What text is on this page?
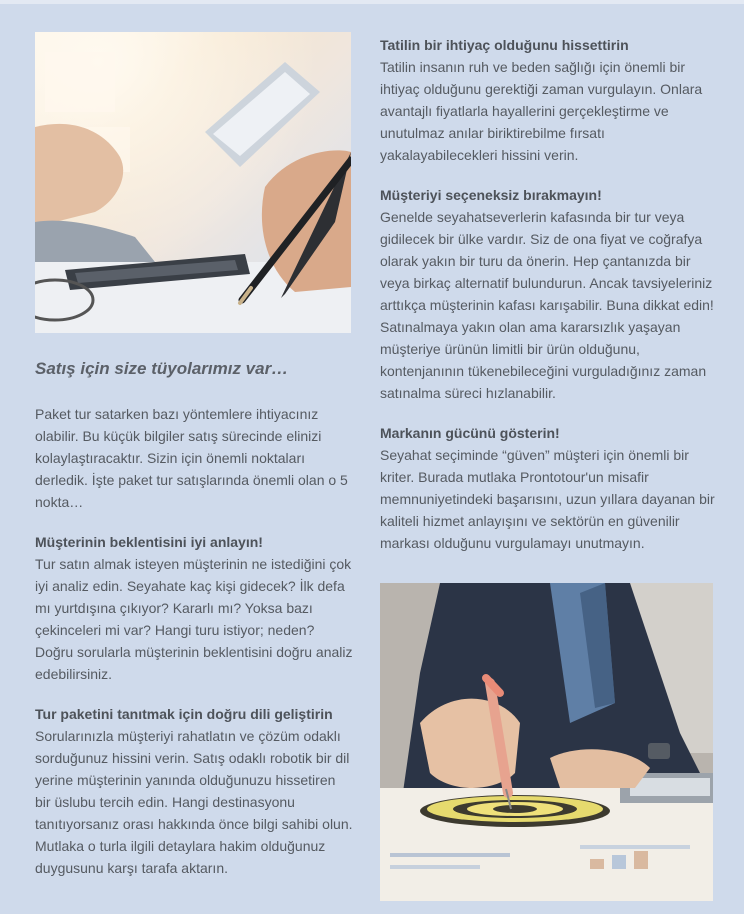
Satış için size tüyolarımız var…

Paket tur satarken bazı yöntemlere ihtiyacınız olabilir. Bu küçük bilgiler satış sürecinde elinizi kolaylaştıracaktır. Sizin için önemli noktaları derledik. İşte paket tur satışlarında önemli olan o 5 nokta…

Müşterinin beklentisini iyi anlayın!

Tur satın almak isteyen müşterinin ne istediğini çok iyi analiz edin. Seyahate kaç kişi gidecek? İlk defa mı yurtdışına çıkıyor? Kararlı mı? Yoksa bazı çekinceleri mi var? Hangi turu istiyor; neden? Doğru sorularla müşterinin beklentisini doğru analiz edebilirsiniz.

Tur paketini tanıtmak için doğru dili geliştirin

Sorularınızla müşteriyi rahatlatın ve çözüm odaklı sorduğunuz hissini verin. Satış odaklı robotik bir dil yerine müşterinin yanında olduğunuzu hissetiren bir üslubu tercih edin. Hangi destinasyonu tanıtıyorsanız orası hakkında önce bilgi sahibi olun. Mutlaka o turla ilgili detaylara hakim olduğunuz duygusunu karşı tarafa aktarın.

Tatilin bir ihtiyaç olduğunu hissettirin

Tatilin insanın ruh ve beden sağlığı için önemli bir ihtiyaç olduğunu gerektiği zaman vurgulayın. Onlara avantajlı fiyatlarla hayallerini gerçekleştirme ve unutulmaz anılar biriktirebilme fırsatı yakalayabilecekleri hissini verin.

Müşteriyi seçeneksiz bırakmayın!

Genelde seyahatseverlerin kafasında bir tur veya gidilecek bir ülke vardır. Siz de ona fiyat ve coğrafya olarak yakın bir turu da önerin. Hep çantanızda bir veya birkaç alternatif bulundurun. Ancak tavsiyeleriniz arttıkça müşterinin kafası karışabilir. Buna dikkat edin! Satınalmaya yakın olan ama kararsızlık yaşayan müşteriye ürünün limitli bir ürün olduğunu, kontenjanının tükenebileceğini vurguladığınız zaman satınalma süreci hızlanabilir.

Markanın gücünü gösterin!

Seyahat seçiminde “güven” müşteri için önemli bir kriter. Burada mutlaka Prontotour'un misafir memnuniyetindeki başarısını, uzun yıllara dayanan bir kaliteli hizmet anlayışını ve sektörün en güvenilir markası olduğunu vurgulamayı unutmayın.
